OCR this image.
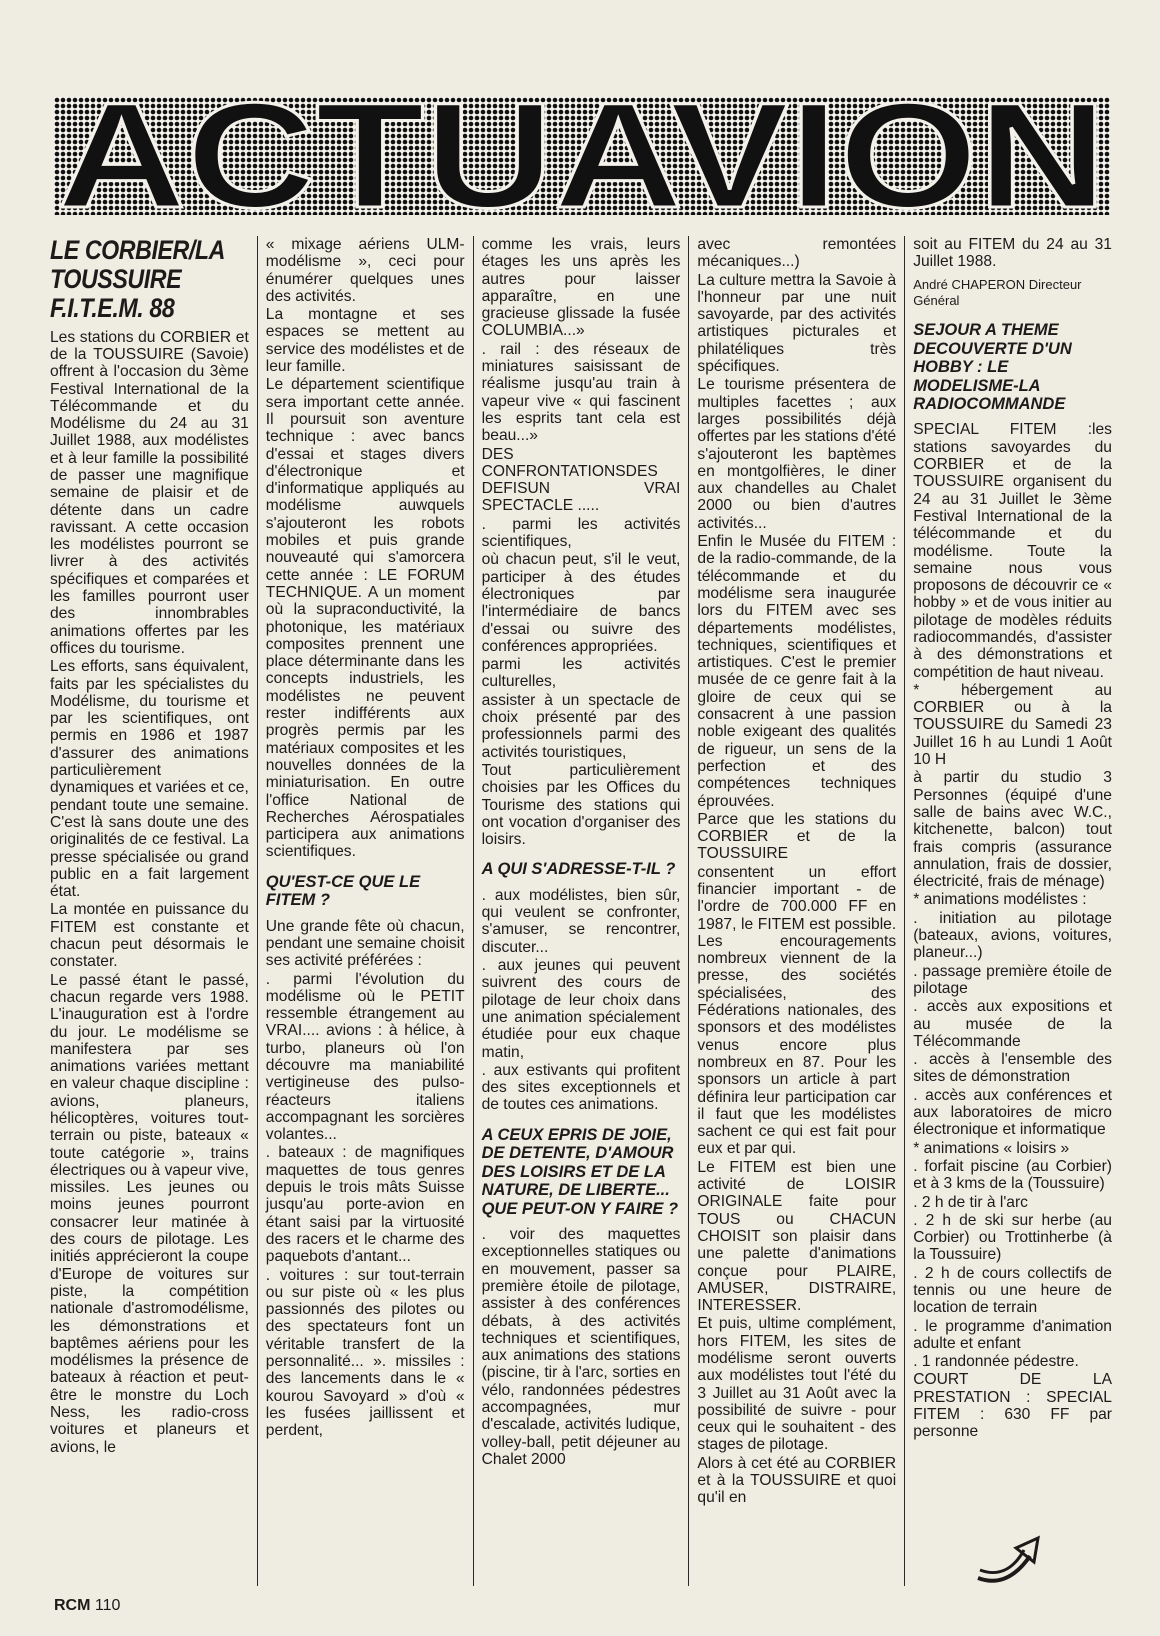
ACTUAVION
LE CORBIER/LA TOUSSUIRE F.I.T.E.M. 88

Les stations du CORBIER et de la TOUSSUIRE (Savoie) offrent à l'occasion du 3ème Festival International de la Télécommande et du Modélisme du 24 au 31 Juillet 1988, aux modélistes et à leur famille la possibilité de passer une magnifique semaine de plaisir et de détente dans un cadre ravissant. A cette occasion les modélistes pourront se livrer à des activités spécifiques et comparées et les familles pourront user des innombrables animations offertes par les offices du tourisme.

Les efforts, sans équivalent, faits par les spécialistes du Modélisme, du tourisme et par les scientifiques, ont permis en 1986 et 1987 d'assurer des animations particulièrement dynamiques et variées et ce, pendant toute une semaine. C'est là sans doute une des originalités de ce festival. La presse spécialisée ou grand public en a fait largement état.

La montée en puissance du FITEM est constante et chacun peut désormais le constater.

Le passé étant le passé, chacun regarde vers 1988. L'inauguration est à l'ordre du jour. Le modélisme se manifestera par ses animations variées mettant en valeur chaque discipline : avions, planeurs, hélicoptères, voitures tout-terrain ou piste, bateaux « toute catégorie », trains électriques ou à vapeur vive, missiles. Les jeunes ou moins jeunes pourront consacrer leur matinée à des cours de pilotage. Les initiés apprécieront la coupe d'Europe de voitures sur piste, la compétition nationale d'astromodélisme, les démonstrations et baptêmes aériens pour les modélismes la présence de bateaux à réaction et peut-être le monstre du Loch Ness, les radio-cross voitures et planeurs et avions, le

« mixage aériens ULM-modélisme », ceci pour énumérer quelques unes des activités.

La montagne et ses espaces se mettent au service des modélistes et de leur famille.

Le département scientifique sera important cette année. Il poursuit son aventure technique : avec bancs d'essai et stages divers d'électronique et d'informatique appliqués au modélisme auwquels s'ajouteront les robots mobiles et puis grande nouveauté qui s'amorcera cette année : LE FORUM TECHNIQUE. A un moment où la supraconductivité, la photonique, les matériaux composites prennent une place déterminante dans les concepts industriels, les modélistes ne peuvent rester indifférents aux progrès permis par les matériaux composites et les nouvelles données de la miniaturisation. En outre l'office National de Recherches Aérospatiales participera aux animations scientifiques.

QU'EST-CE QUE LE FITEM ?

Une grande fête où chacun, pendant une semaine choisit ses activité préférées :

. parmi l'évolution du modélisme où le PETIT ressemble étrangement au VRAI.... avions : à hélice, à turbo, planeurs où l'on découvre ma maniabilité vertigineuse des pulso-réacteurs italiens accompagnant les sorcières volantes...

. bateaux : de magnifiques maquettes de tous genres depuis le trois mâts Suisse jusqu'au porte-avion en étant saisi par la virtuosité des racers et le charme des paquebots d'antant...

. voitures : sur tout-terrain ou sur piste où « les plus passionnés des pilotes ou des spectateurs font un véritable transfert de la personnalité... ». missiles : des lancements dans le « kourou Savoyard » d'où « les fusées jaillissent et perdent,

comme les vrais, leurs étages les uns après les autres pour laisser apparaître, en une gracieuse glissade la fusée COLUMBIA...»

. rail : des réseaux de miniatures saisissant de réalisme jusqu'au train à vapeur vive « qui fascinent les esprits tant cela est beau...»

DES CONFRONTATIONSDES DEFISUN VRAI SPECTACLE .....

. parmi les activités scientifiques,

où chacun peut, s'il le veut, participer à des études électroniques par l'intermédiaire de bancs d'essai ou suivre des conférences appropriées.

parmi les activités culturelles,

assister à un spectacle de choix présenté par des professionnels parmi des activités touristiques,

Tout particulièrement choisies par les Offices du Tourisme des stations qui ont vocation d'organiser des loisirs.

A QUI S'ADRESSE-T-IL ?

. aux modélistes, bien sûr, qui veulent se confronter, s'amuser, se rencontrer, discuter...

. aux jeunes qui peuvent suivrent des cours de pilotage de leur choix dans une animation spécialement étudiée pour eux chaque matin,

. aux estivants qui profitent des sites exceptionnels et de toutes ces animations.

A CEUX EPRIS DE JOIE, DE DETENTE, D'AMOUR DES LOISIRS ET DE LA NATURE, DE LIBERTE... QUE PEUT-ON Y FAIRE ?

. voir des maquettes exceptionnelles statiques ou en mouvement, passer sa première étoile de pilotage, assister à des conférences débats, à des activités techniques et scientifiques, aux animations des stations (piscine, tir à l'arc, sorties en vélo, randonnées pédestres accompagnées, mur d'escalade, activités ludique, volley-ball, petit déjeuner au Chalet 2000

avec remontées mécaniques...)

La culture mettra la Savoie à l'honneur par une nuit savoyarde, par des activités artistiques picturales et philatéliques très spécifiques.

Le tourisme présentera de multiples facettes ; aux larges possibilités déjà offertes par les stations d'été s'ajouteront les baptèmes en montgolfières, le diner aux chandelles au Chalet 2000 ou bien d'autres activités...

Enfin le Musée du FITEM : de la radio-commande, de la télécommande et du modélisme sera inaugurée lors du FITEM avec ses départements modélistes, techniques, scientifiques et artistiques. C'est le premier musée de ce genre fait à la gloire de ceux qui se consacrent à une passion noble exigeant des qualités de rigueur, un sens de la perfection et des compétences techniques éprouvées.

Parce que les stations du CORBIER et de la TOUSSUIRE

consentent un effort financier important - de l'ordre de 700.000 FF en 1987, le FITEM est possible. Les encouragements nombreux viennent de la presse, des sociétés spécialisées, des Fédérations nationales, des sponsors et des modélistes venus encore plus nombreux en 87. Pour les sponsors un article à part définira leur participation car il faut que les modélistes sachent ce qui est fait pour eux et par qui.

Le FITEM est bien une activité de LOISIR ORIGINALE faite pour TOUS ou CHACUN CHOISIT son plaisir dans une palette d'animations conçue pour PLAIRE, AMUSER, DISTRAIRE, INTERESSER.

Et puis, ultime complément, hors FITEM, les sites de modélisme seront ouverts aux modélistes tout l'été du 3 Juillet au 31 Août avec la possibilité de suivre - pour ceux qui le souhaitent - des stages de pilotage.

Alors à cet été au CORBIER et à la TOUSSUIRE et quoi qu'il en

soit au FITEM du 24 au 31 Juillet 1988.

André CHAPERON Directeur Général
SEJOUR A THEME DECOUVERTE D'UN HOBBY : LE MODELISME-LA RADIOCOMMANDE

SPECIAL FITEM :les stations savoyardes du CORBIER et de la TOUSSUIRE organisent du 24 au 31 Juillet le 3ème Festival International de la télécommande et du modélisme. Toute la semaine nous vous proposons de découvrir ce « hobby » et de vous initier au pilotage de modèles réduits radiocommandés, d'assister à des démonstrations et compétition de haut niveau.

* hébergement au CORBIER ou à la TOUSSUIRE du Samedi 23 Juillet 16 h au Lundi 1 Août 10 H

à partir du studio 3 Personnes (équipé d'une salle de bains avec W.C., kitchenette, balcon) tout frais compris (assurance annulation, frais de dossier, électricité, frais de ménage)

* animations modélistes :

. initiation au pilotage (bateaux, avions, voitures, planeur...)

. passage première étoile de pilotage

. accès aux expositions et au musée de la Télécommande

. accès à l'ensemble des sites de démonstration

. accès aux conférences et aux laboratoires de micro électronique et informatique

* animations « loisirs »

. forfait piscine (au Corbier) et à 3 kms de la (Toussuire)

. 2 h de tir à l'arc

. 2 h de ski sur herbe (au Corbier) ou Trottinherbe (à la Toussuire)

. 2 h de cours collectifs de tennis ou une heure de location de terrain

. le programme d'animation adulte et enfant

. 1 randonnée pédestre.

COURT DE LA PRESTATION : SPECIAL FITEM : 630 FF par personne

RCM 110
